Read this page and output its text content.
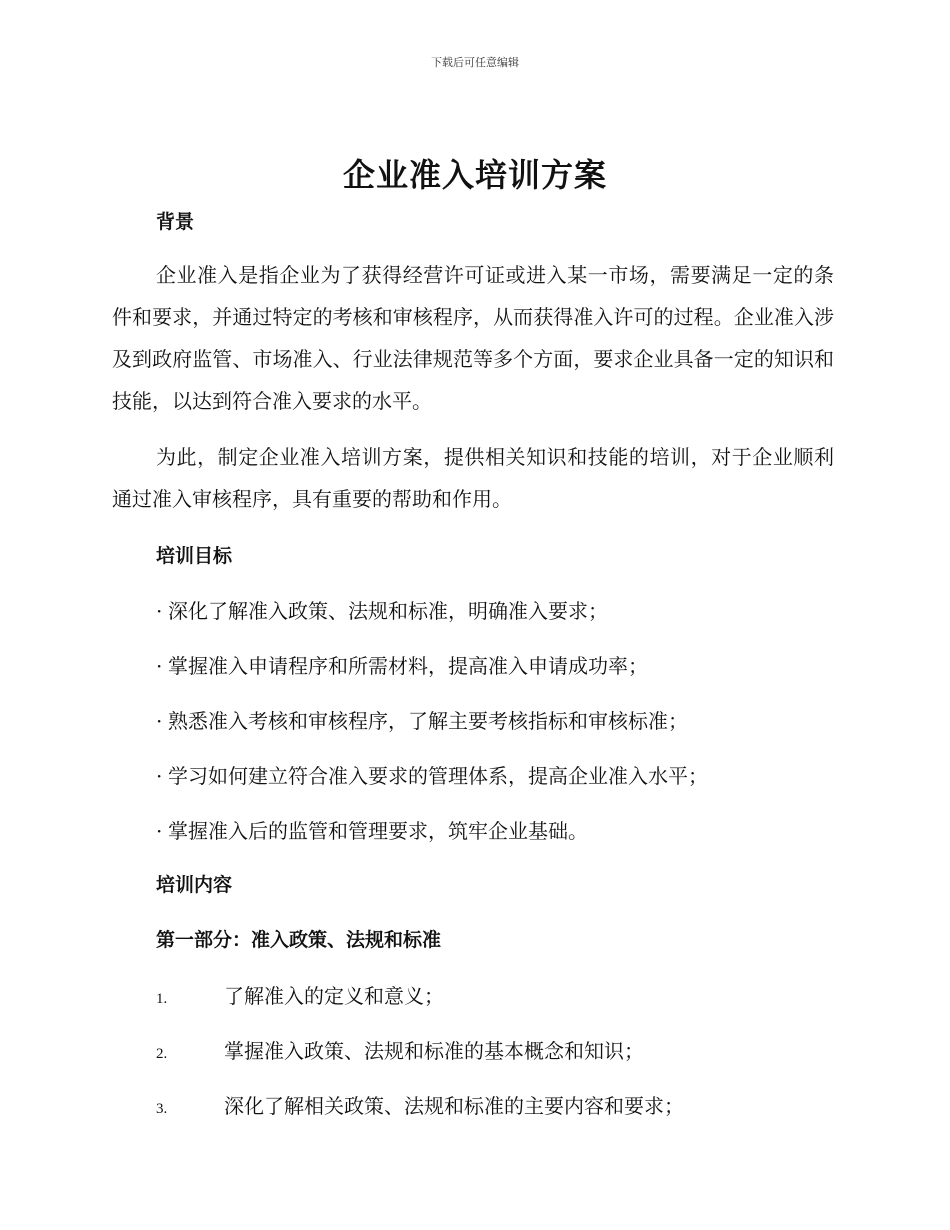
下载后可任意编辑
企业准入培训方案
背景
企业准入是指企业为了获得经营许可证或进入某一市场，需要满足一定的条件和要求，并通过特定的考核和审核程序，从而获得准入许可的过程。企业准入涉及到政府监管、市场准入、行业法律规范等多个方面，要求企业具备一定的知识和技能，以达到符合准入要求的水平。
为此，制定企业准入培训方案，提供相关知识和技能的培训，对于企业顺利通过准入审核程序，具有重要的帮助和作用。
培训目标
· 深化了解准入政策、法规和标准，明确准入要求；
· 掌握准入申请程序和所需材料，提高准入申请成功率；
· 熟悉准入考核和审核程序，了解主要考核指标和审核标准；
· 学习如何建立符合准入要求的管理体系，提高企业准入水平；
· 掌握准入后的监管和管理要求，筑牢企业基础。
培训内容
第一部分：准入政策、法规和标准
1.	了解准入的定义和意义；
2.	掌握准入政策、法规和标准的基本概念和知识；
3.	深化了解相关政策、法规和标准的主要内容和要求；
